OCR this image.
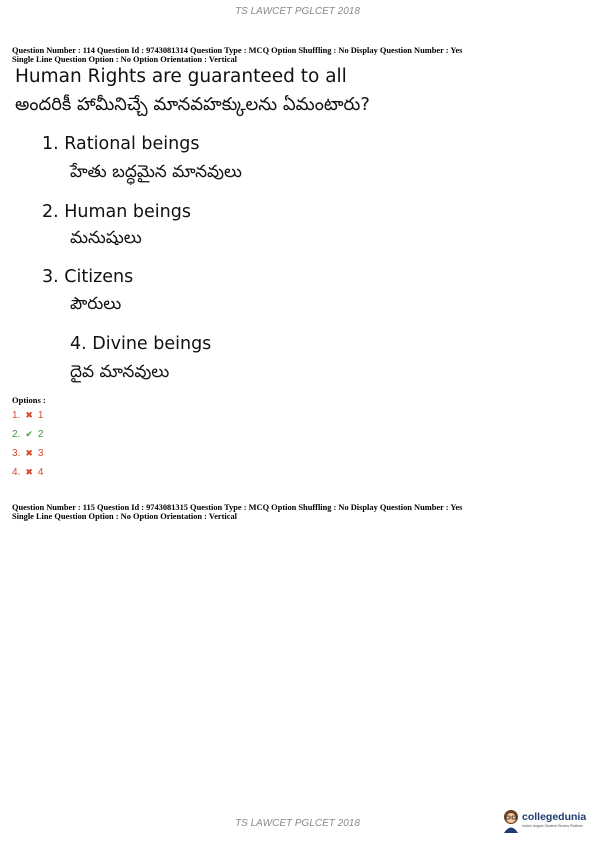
TS LAWCET PGLCET 2018
Question Number : 114 Question Id : 9743081314 Question Type : MCQ Option Shuffling : No Display Question Number : Yes
Single Line Question Option : No Option Orientation : Vertical
Human Rights are guaranteed to all
అందరికీ హామీనిచ్చే మానవహక్కులను ఏమంటారు?
1. Rational beings
హేతు బద్ధమైన మానవులు
2. Human beings
మనుషులు
3. Citizens
పౌరులు
4. Divine beings
దైవ మానవులు
Options :
1. ✖ 1
2. ✔ 2
3. ✖ 3
4. ✖ 4
Question Number : 115 Question Id : 9743081315 Question Type : MCQ Option Shuffling : No Display Question Number : Yes
Single Line Question Option : No Option Orientation : Vertical
TS LAWCET PGLCET 2018
collegedunia
India's largest Student Review Platform
